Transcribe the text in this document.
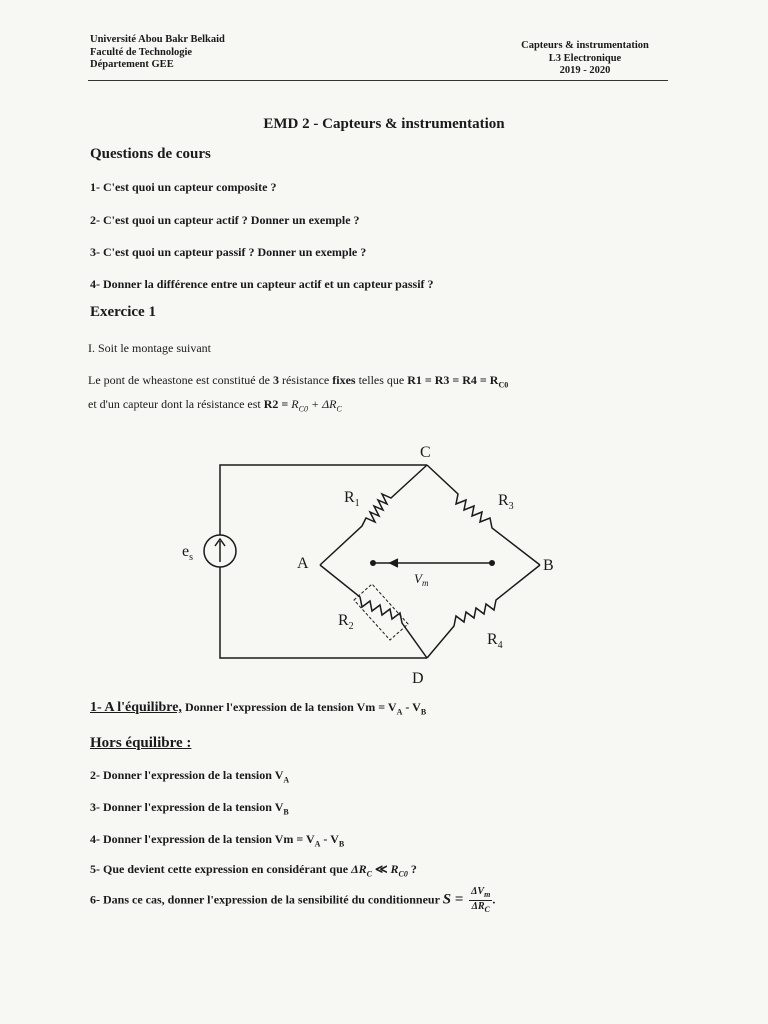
Université Abou Bakr Belkaid
Faculté de Technologie
Département GEE
Capteurs & instrumentation
L3 Electronique
2019 - 2020
EMD 2 - Capteurs & instrumentation
Questions de cours
1- C'est quoi un capteur composite ?
2- C'est quoi un capteur actif ? Donner un exemple ?
3- C'est quoi un capteur passif ? Donner un exemple ?
4- Donner la différence entre un capteur actif et un capteur passif ?
Exercice 1
I. Soit le montage suivant
Le pont de wheastone est constitué de 3 résistance fixes telles que $R1 = R3 = R4 = R_{C0}$
et d'un capteur dont la résistance est $R2 = R_{C0} + \Delta R_C$
C
A	B
D
$R_1$	$R_3$
$R_2$
$R_4$
$e_s$
$V_m$
1- A l'équilibre, Donner l'expression de la tension $Vm = V_A - V_B$
Hors équilibre :
2- Donner l'expression de la tension $V_A$
3- Donner l'expression de la tension $V_B$
4- Donner l'expression de la tension $Vm = V_A - V_B$
5- Que devient cette expression en considérant que $\Delta R_C$ ≪ $R_{C0}$ ?
6- Dans ce cas, donner l'expression de la sensibilité du conditionneur $S = \frac{\Delta V_m}{\Delta R_C}$ .
